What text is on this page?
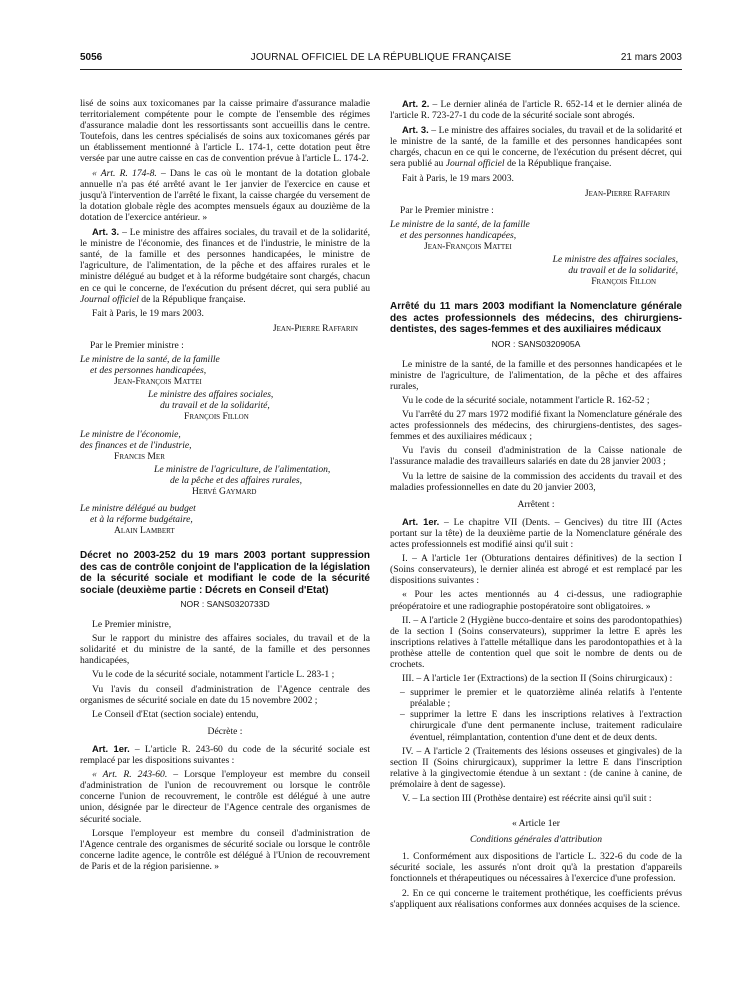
5056	JOURNAL OFFICIEL DE LA RÉPUBLIQUE FRANÇAISE	21 mars 2003

lisé de soins aux toxicomanes par la caisse primaire d'assurance maladie territorialement compétente pour le compte de l'ensemble des régimes d'assurance maladie dont les ressortissants sont accueillis dans le centre. Toutefois, dans les centres spécialisés de soins aux toxicomanes gérés par un établissement mentionné à l'article L. 174-1, cette dotation peut être versée par une autre caisse en cas de convention prévue à l'article L. 174-2.

« Art. R. 174-8. – Dans le cas où le montant de la dotation globale annuelle n'a pas été arrêté avant le 1er janvier de l'exercice en cause et jusqu'à l'intervention de l'arrêté le fixant, la caisse chargée du versement de la dotation globale règle des acomptes mensuels égaux au douzième de la dotation de l'exercice antérieur. »

Art. 3. – Le ministre des affaires sociales, du travail et de la solidarité, le ministre de l'économie, des finances et de l'industrie, le ministre de la santé, de la famille et des personnes handicapées, le ministre de l'agriculture, de l'alimentation, de la pêche et des affaires rurales et le ministre délégué au budget et à la réforme budgétaire sont chargés, chacun en ce qui le concerne, de l'exécution du présent décret, qui sera publié au Journal officiel de la République française.

Fait à Paris, le 19 mars 2003.

Jean-Pierre Raffarin

Par le Premier ministre :

Le ministre de la santé, de la famille

et des personnes handicapées,

Jean-François Mattei

Le ministre des affaires sociales,

du travail et de la solidarité,

François Fillon

Le ministre de l'économie,

des finances et de l'industrie,

Francis Mer

Le ministre de l'agriculture, de l'alimentation,

de la pêche et des affaires rurales,

Hervé Gaymard

Le ministre délégué au budget

et à la réforme budgétaire,

Alain Lambert

Décret no 2003-252 du 19 mars 2003 portant suppression des cas de contrôle conjoint de l'application de la législation de la sécurité sociale et modifiant le code de la sécurité sociale (deuxième partie : Décrets en Conseil d'Etat)

NOR : SANS0320733D

Le Premier ministre,

Sur le rapport du ministre des affaires sociales, du travail et de la solidarité et du ministre de la santé, de la famille et des personnes handicapées,

Vu le code de la sécurité sociale, notamment l'article L. 283-1 ;

Vu l'avis du conseil d'administration de l'Agence centrale des organismes de sécurité sociale en date du 15 novembre 2002 ;

Le Conseil d'Etat (section sociale) entendu,

Décrète :

Art. 1er. – L'article R. 243-60 du code de la sécurité sociale est remplacé par les dispositions suivantes :

« Art. R. 243-60. – Lorsque l'employeur est membre du conseil d'administration de l'union de recouvrement ou lorsque le contrôle concerne l'union de recouvrement, le contrôle est délégué à une autre union, désignée par le directeur de l'Agence centrale des organismes de sécurité sociale.

Lorsque l'employeur est membre du conseil d'administration de l'Agence centrale des organismes de sécurité sociale ou lorsque le contrôle concerne ladite agence, le contrôle est délégué à l'Union de recouvrement de Paris et de la région parisienne. »

Art. 2. – Le dernier alinéa de l'article R. 652-14 et le dernier alinéa de l'article R. 723-27-1 du code de la sécurité sociale sont abrogés.

Art. 3. – Le ministre des affaires sociales, du travail et de la solidarité et le ministre de la santé, de la famille et des personnes handicapées sont chargés, chacun en ce qui le concerne, de l'exécution du présent décret, qui sera publié au Journal officiel de la République française.

Fait à Paris, le 19 mars 2003.

Jean-Pierre Raffarin

Par le Premier ministre :

Le ministre de la santé, de la famille

et des personnes handicapées,

Jean-François Mattei

Le ministre des affaires sociales,

du travail et de la solidarité,

François Fillon

Arrêté du 11 mars 2003 modifiant la Nomenclature générale des actes professionnels des médecins, des chirurgiens-dentistes, des sages-femmes et des auxiliaires médicaux

NOR : SANS0320905A

Le ministre de la santé, de la famille et des personnes handicapées et le ministre de l'agriculture, de l'alimentation, de la pêche et des affaires rurales,

Vu le code de la sécurité sociale, notamment l'article R. 162-52 ;

Vu l'arrêté du 27 mars 1972 modifié fixant la Nomenclature générale des actes professionnels des médecins, des chirurgiens-dentistes, des sages-femmes et des auxiliaires médicaux ;

Vu l'avis du conseil d'administration de la Caisse nationale de l'assurance maladie des travailleurs salariés en date du 28 janvier 2003 ;

Vu la lettre de saisine de la commission des accidents du travail et des maladies professionnelles en date du 20 janvier 2003,

Arrêtent :

Art. 1er. – Le chapitre VII (Dents. – Gencives) du titre III (Actes portant sur la tête) de la deuxième partie de la Nomenclature générale des actes professionnels est modifié ainsi qu'il suit :

I. – A l'article 1er (Obturations dentaires définitives) de la section I (Soins conservateurs), le dernier alinéa est abrogé et est remplacé par les dispositions suivantes :

« Pour les actes mentionnés au 4 ci-dessus, une radiographie préopératoire et une radiographie postopératoire sont obligatoires. »

II. – A l'article 2 (Hygiène bucco-dentaire et soins des parodontopathies) de la section I (Soins conservateurs), supprimer la lettre E après les inscriptions relatives à l'attelle métallique dans les parodontopathies et à la prothèse attelle de contention quel que soit le nombre de dents ou de crochets.

III. – A l'article 1er (Extractions) de la section II (Soins chirurgicaux) :

– supprimer le premier et le quatorzième alinéa relatifs à l'entente préalable ;

– supprimer la lettre E dans les inscriptions relatives à l'extraction chirurgicale d'une dent permanente incluse, traitement radiculaire éventuel, réimplantation, contention d'une dent et de deux dents.

IV. – A l'article 2 (Traitements des lésions osseuses et gingivales) de la section II (Soins chirurgicaux), supprimer la lettre E dans l'inscription relative à la gingivectomie étendue à un sextant : (de canine à canine, de prémolaire à dent de sagesse).

V. – La section III (Prothèse dentaire) est réécrite ainsi qu'il suit :

« Article 1er

Conditions générales d'attribution

1. Conformément aux dispositions de l'article L. 322-6 du code de la sécurité sociale, les assurés n'ont droit qu'à la prestation d'appareils fonctionnels et thérapeutiques ou nécessaires à l'exercice d'une profession.

2. En ce qui concerne le traitement prothétique, les coefficients prévus s'appliquent aux réalisations conformes aux données acquises de la science.
